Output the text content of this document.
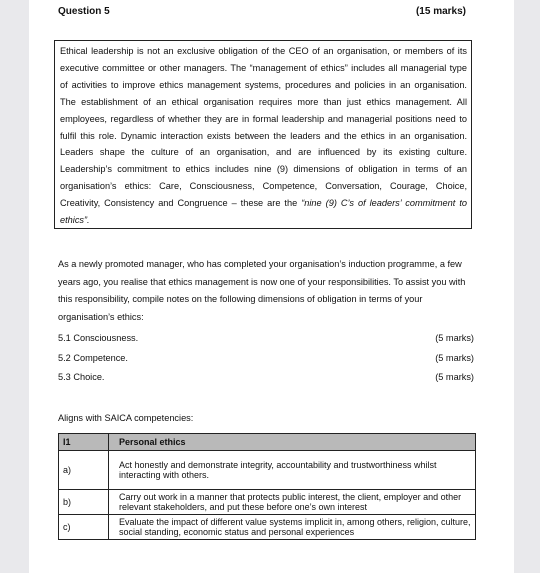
Question 5	(15 marks)
Ethical leadership is not an exclusive obligation of the CEO of an organisation, or members of its executive committee or other managers. The “management of ethics” includes all managerial type of activities to improve ethics management systems, procedures and policies in an organisation. The establishment of an ethical organisation requires more than just ethics management. All employees, regardless of whether they are in formal leadership and managerial positions need to fulfil this role. Dynamic interaction exists between the leaders and the ethics in an organisation. Leaders shape the culture of an organisation, and are influenced by its existing culture. Leadership’s commitment to ethics includes nine (9) dimensions of obligation in terms of an organisation’s ethics: Care, Consciousness, Competence, Conversation, Courage, Choice, Creativity, Consistency and Congruence – these are the “nine (9) C’s of leaders’ commitment to ethics”.
As a newly promoted manager, who has completed your organisation’s induction programme, a few years ago, you realise that ethics management is now one of your responsibilities. To assist you with this responsibility, compile notes on the following dimensions of obligation in terms of your organisation’s ethics:
5.1 Consciousness.	(5 marks)
5.2 Competence.	(5 marks)
5.3 Choice.	(5 marks)
Aligns with SAICA competencies:
I1	Personal ethics
a)	Act honestly and demonstrate integrity, accountability and trustworthiness whilst interacting with others.
b)	Carry out work in a manner that protects public interest, the client, employer and other relevant stakeholders, and put these before one’s own interest
c)	Evaluate the impact of different value systems implicit in, among others, religion, culture, social standing, economic status and personal experiences
